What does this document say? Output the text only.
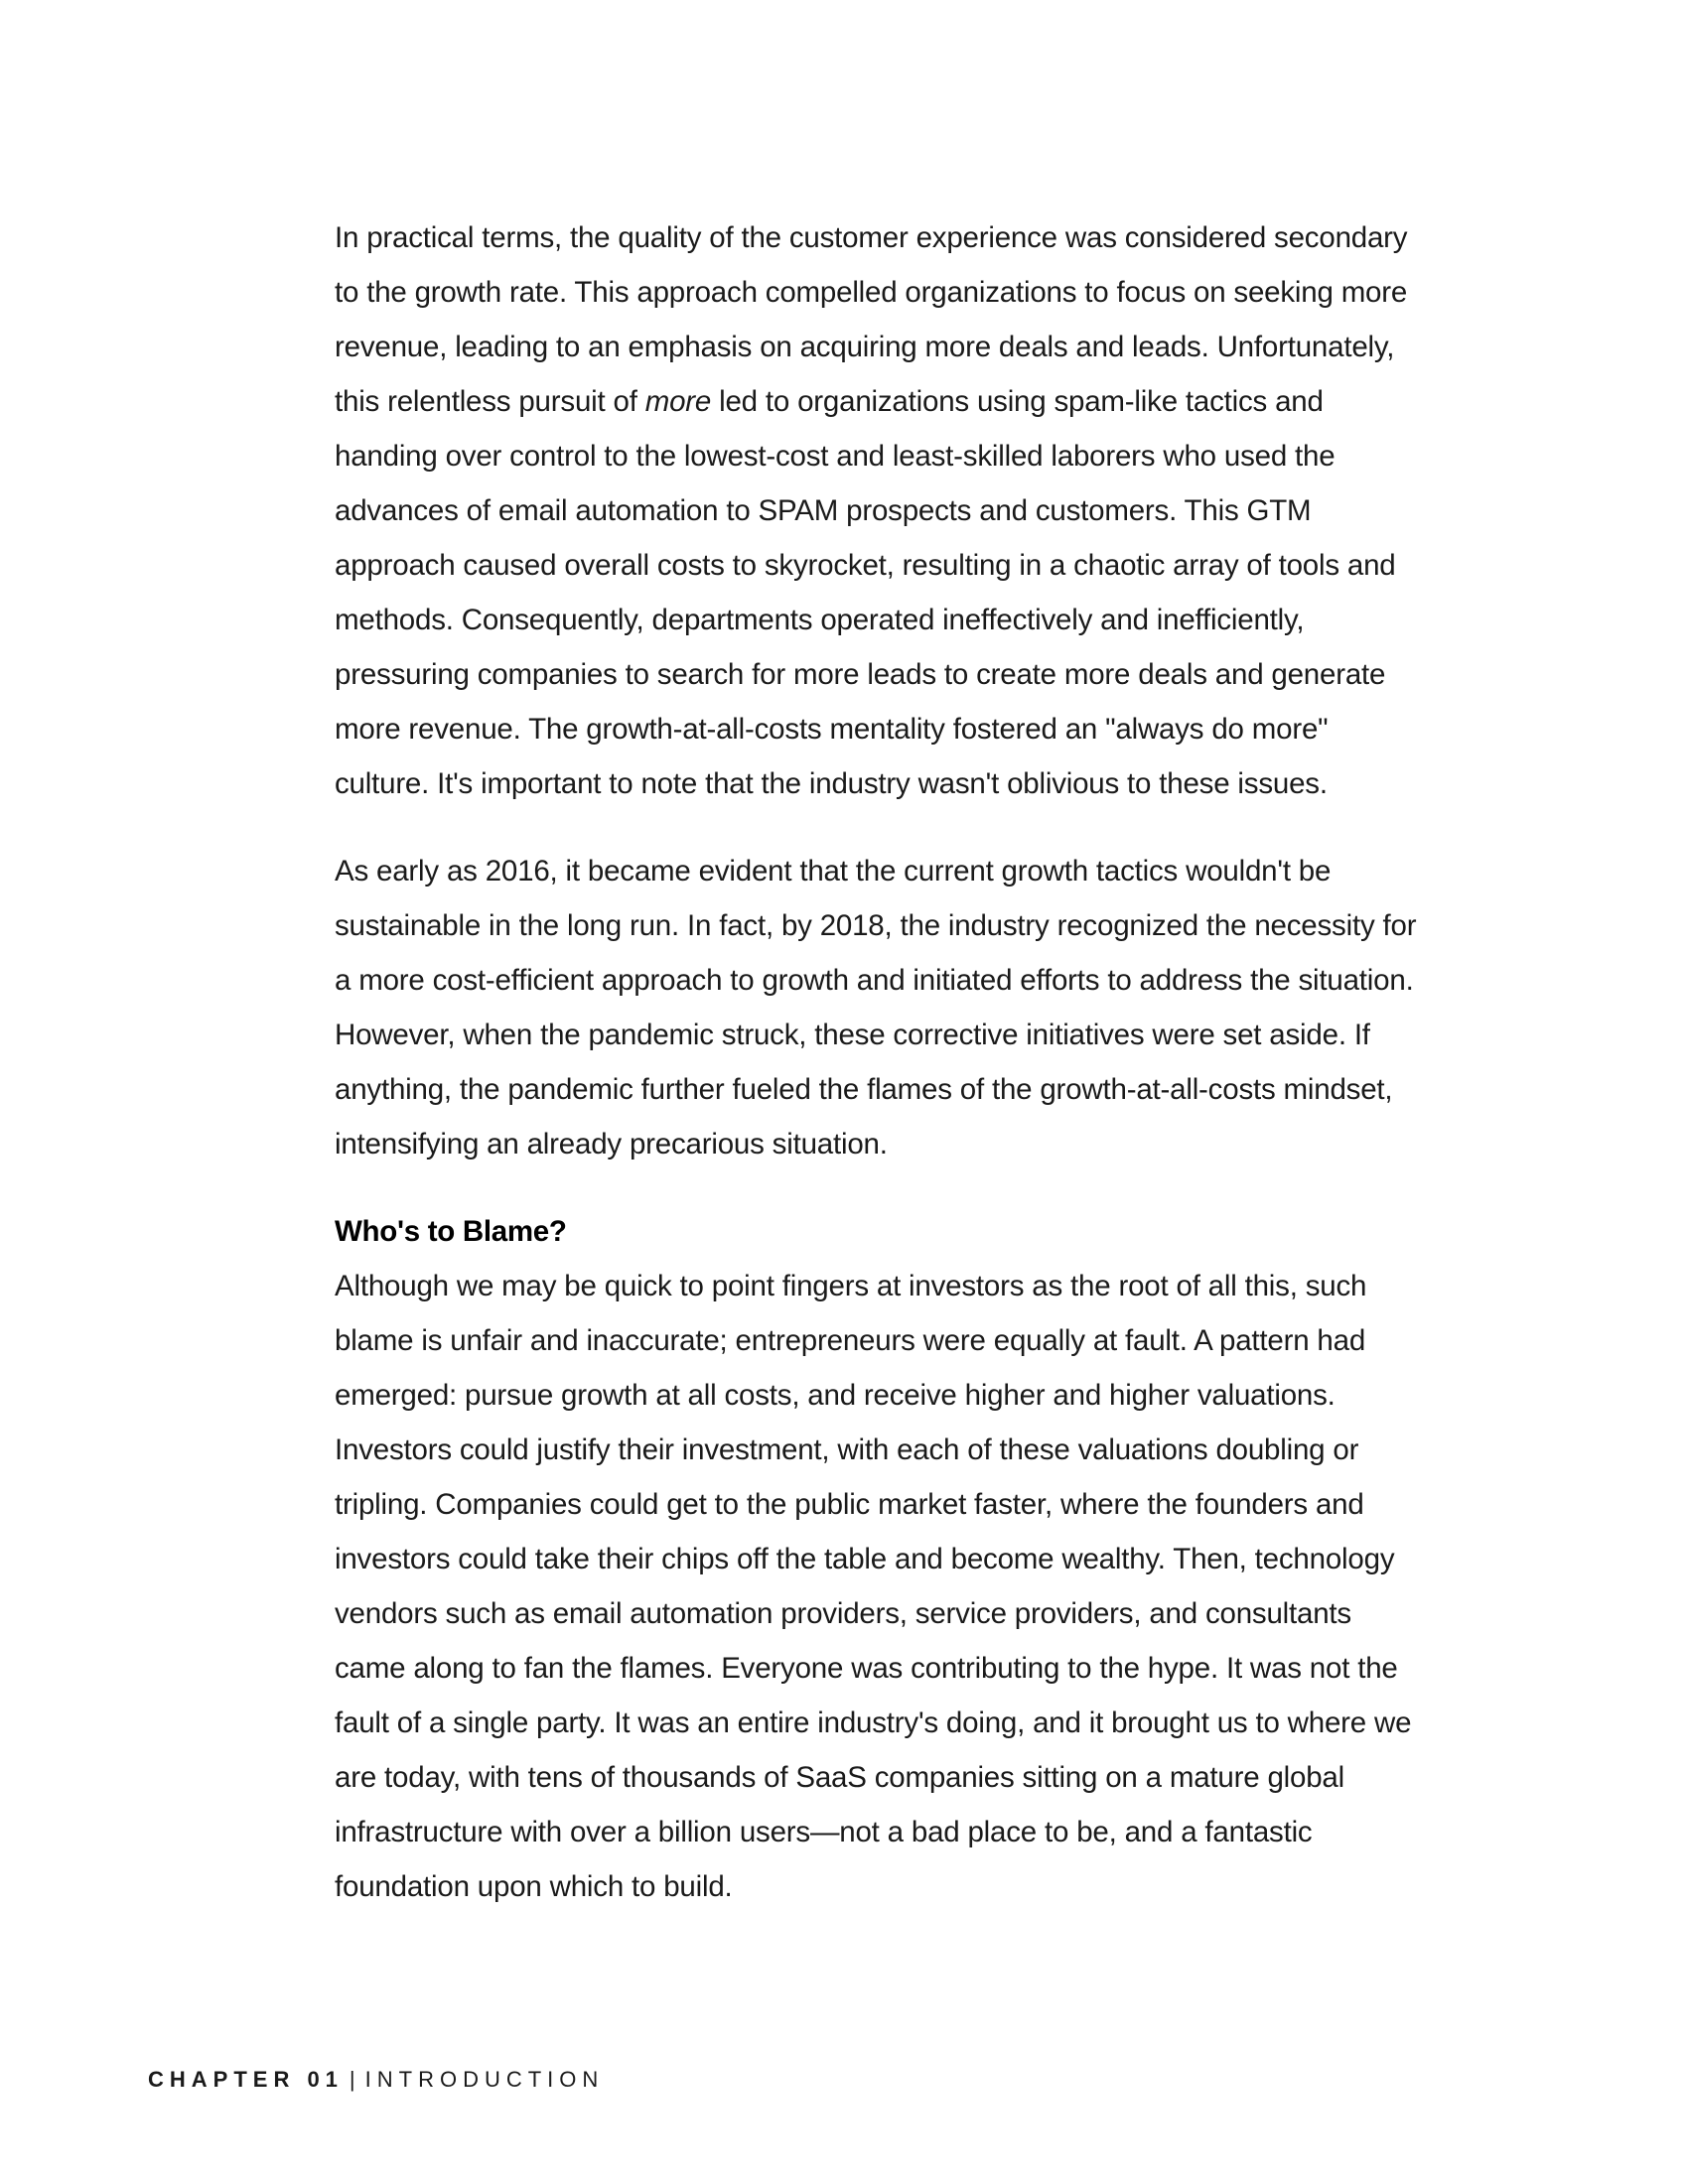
In practical terms, the quality of the customer experience was considered secondary to the growth rate. This approach compelled organizations to focus on seeking more revenue, leading to an emphasis on acquiring more deals and leads. Unfortunately, this relentless pursuit of more led to organizations using spam-like tactics and handing over control to the lowest-cost and least-skilled laborers who used the advances of email automation to SPAM prospects and customers. This GTM approach caused overall costs to skyrocket, resulting in a chaotic array of tools and methods. Consequently, departments operated ineffectively and inefficiently, pressuring companies to search for more leads to create more deals and generate more revenue. The growth-at-all-costs mentality fostered an "always do more" culture. It's important to note that the industry wasn't oblivious to these issues.

As early as 2016, it became evident that the current growth tactics wouldn't be sustainable in the long run. In fact, by 2018, the industry recognized the necessity for a more cost-efficient approach to growth and initiated efforts to address the situation. However, when the pandemic struck, these corrective initiatives were set aside. If anything, the pandemic further fueled the flames of the growth-at-all-costs mindset, intensifying an already precarious situation.

Who's to Blame?

Although we may be quick to point fingers at investors as the root of all this, such blame is unfair and inaccurate; entrepreneurs were equally at fault. A pattern had emerged: pursue growth at all costs, and receive higher and higher valuations. Investors could justify their investment, with each of these valuations doubling or tripling. Companies could get to the public market faster, where the founders and investors could take their chips off the table and become wealthy. Then, technology vendors such as email automation providers, service providers, and consultants came along to fan the flames. Everyone was contributing to the hype. It was not the fault of a single party. It was an entire industry's doing, and it brought us to where we are today, with tens of thousands of SaaS companies sitting on a mature global infrastructure with over a billion users—not a bad place to be, and a fantastic foundation upon which to build.

CHAPTER 01 | INTRODUCTION
